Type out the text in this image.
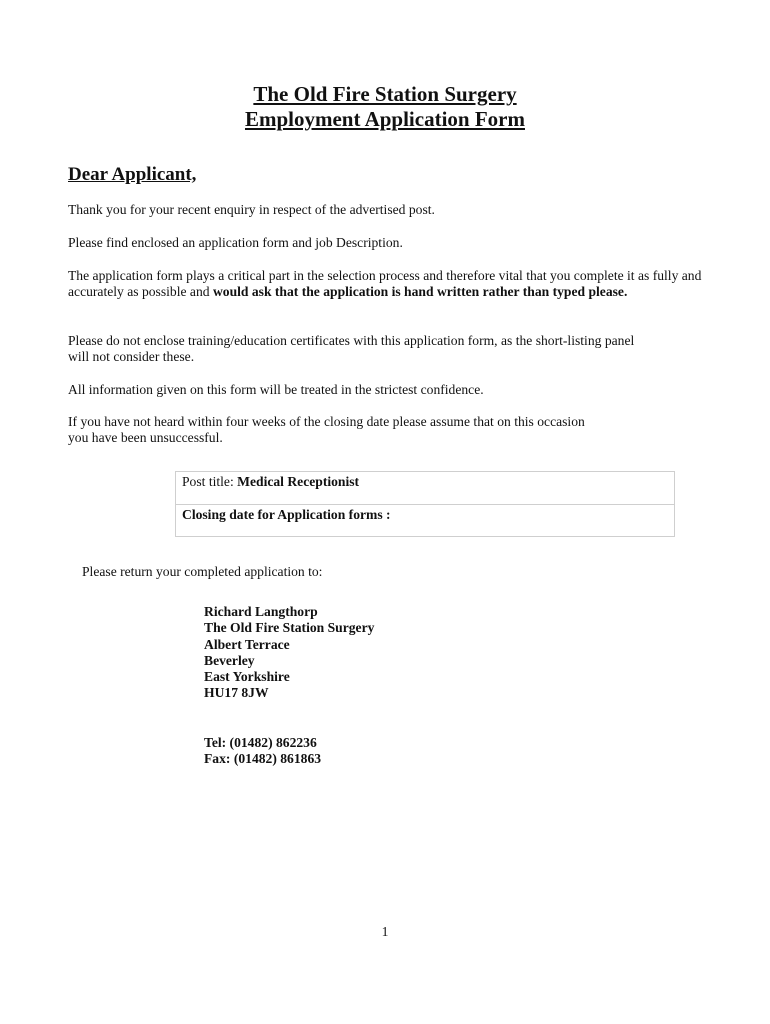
The Old Fire Station Surgery
Employment Application Form
Dear Applicant,
Thank you for your recent enquiry in respect of the advertised post.
Please find enclosed an application form and job Description.
The application form plays a critical part in the selection process and therefore vital that you complete it as fully and accurately as possible and would ask that the application is hand written rather than typed please.
Please do not enclose training/education certificates with this application form, as the short-listing panel will not consider these.
All information given on this form will be treated in the strictest confidence.
If you have not heard within four weeks of the closing date please assume that on this occasion you have been unsuccessful.
Post title: Medical Receptionist
Closing date for Application forms :
Please return your completed application to:
Richard Langthorp
The Old Fire Station Surgery
Albert Terrace
Beverley
East Yorkshire
HU17 8JW
Tel: (01482) 862236
Fax: (01482) 861863
1
